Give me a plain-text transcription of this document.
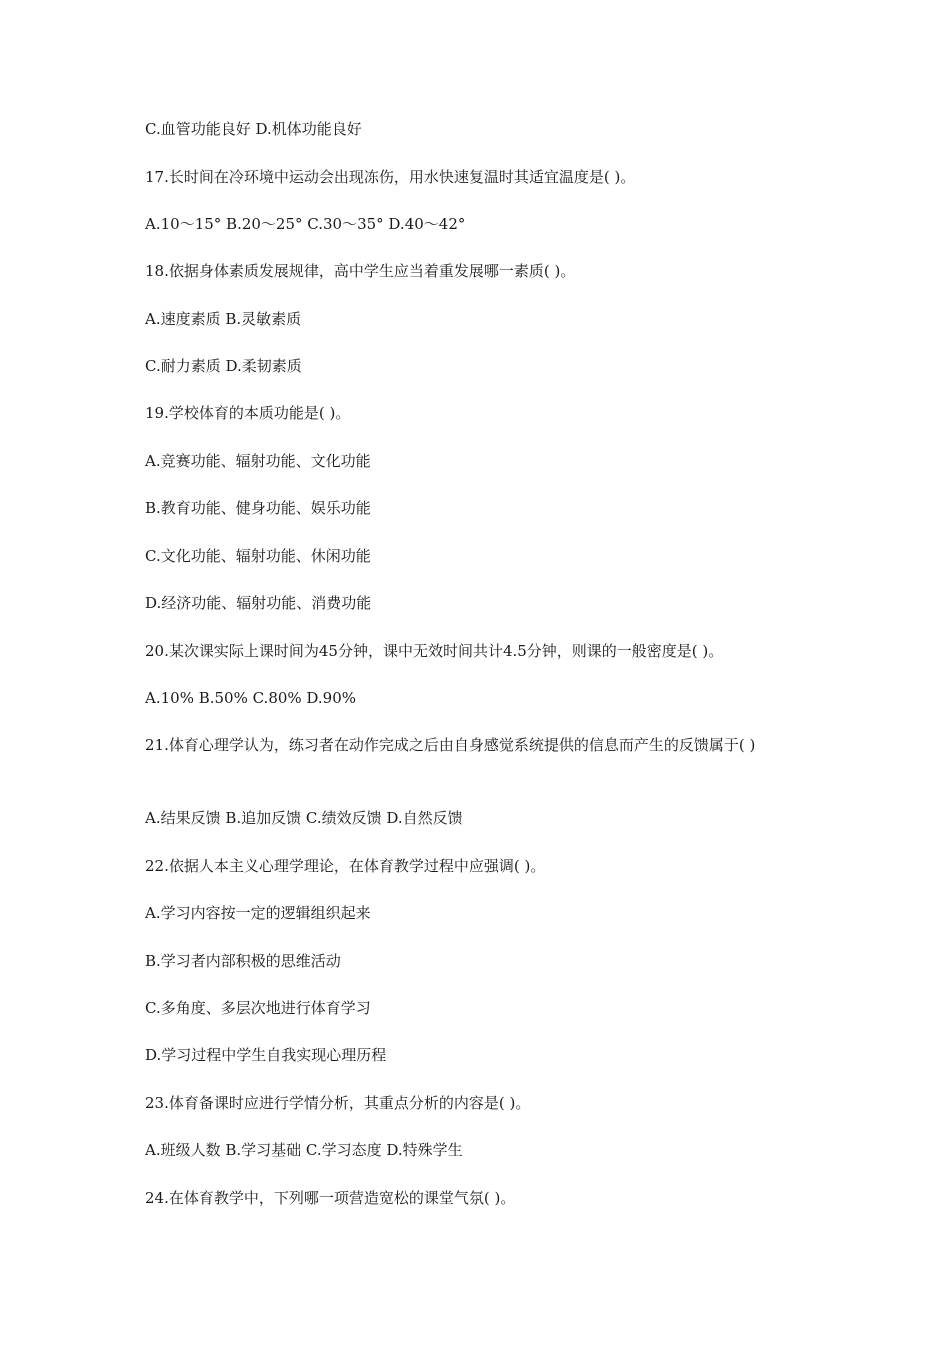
C.血管功能良好 D.机体功能良好
17.长时间在冷环境中运动会出现冻伤，用水快速复温时其适宜温度是( )。
A.10～15° B.20～25° C.30～35° D.40～42°
18.依据身体素质发展规律，高中学生应当着重发展哪一素质( )。
A.速度素质 B.灵敏素质
C.耐力素质 D.柔韧素质
19.学校体育的本质功能是( )。
A.竞赛功能、辐射功能、文化功能
B.教育功能、健身功能、娱乐功能
C.文化功能、辐射功能、休闲功能
D.经济功能、辐射功能、消费功能
20.某次课实际上课时间为45分钟，课中无效时间共计4.5分钟，则课的一般密度是( )。
A.10% B.50% C.80% D.90%
21.体育心理学认为，练习者在动作完成之后由自身感觉系统提供的信息而产生的反馈属于( )
A.结果反馈 B.追加反馈 C.绩效反馈 D.自然反馈
22.依据人本主义心理学理论，在体育教学过程中应强调( )。
A.学习内容按一定的逻辑组织起来
B.学习者内部积极的思维活动
C.多角度、多层次地进行体育学习
D.学习过程中学生自我实现心理历程
23.体育备课时应进行学情分析，其重点分析的内容是( )。
A.班级人数 B.学习基础 C.学习态度 D.特殊学生
24.在体育教学中，下列哪一项营造宽松的课堂气氛( )。
